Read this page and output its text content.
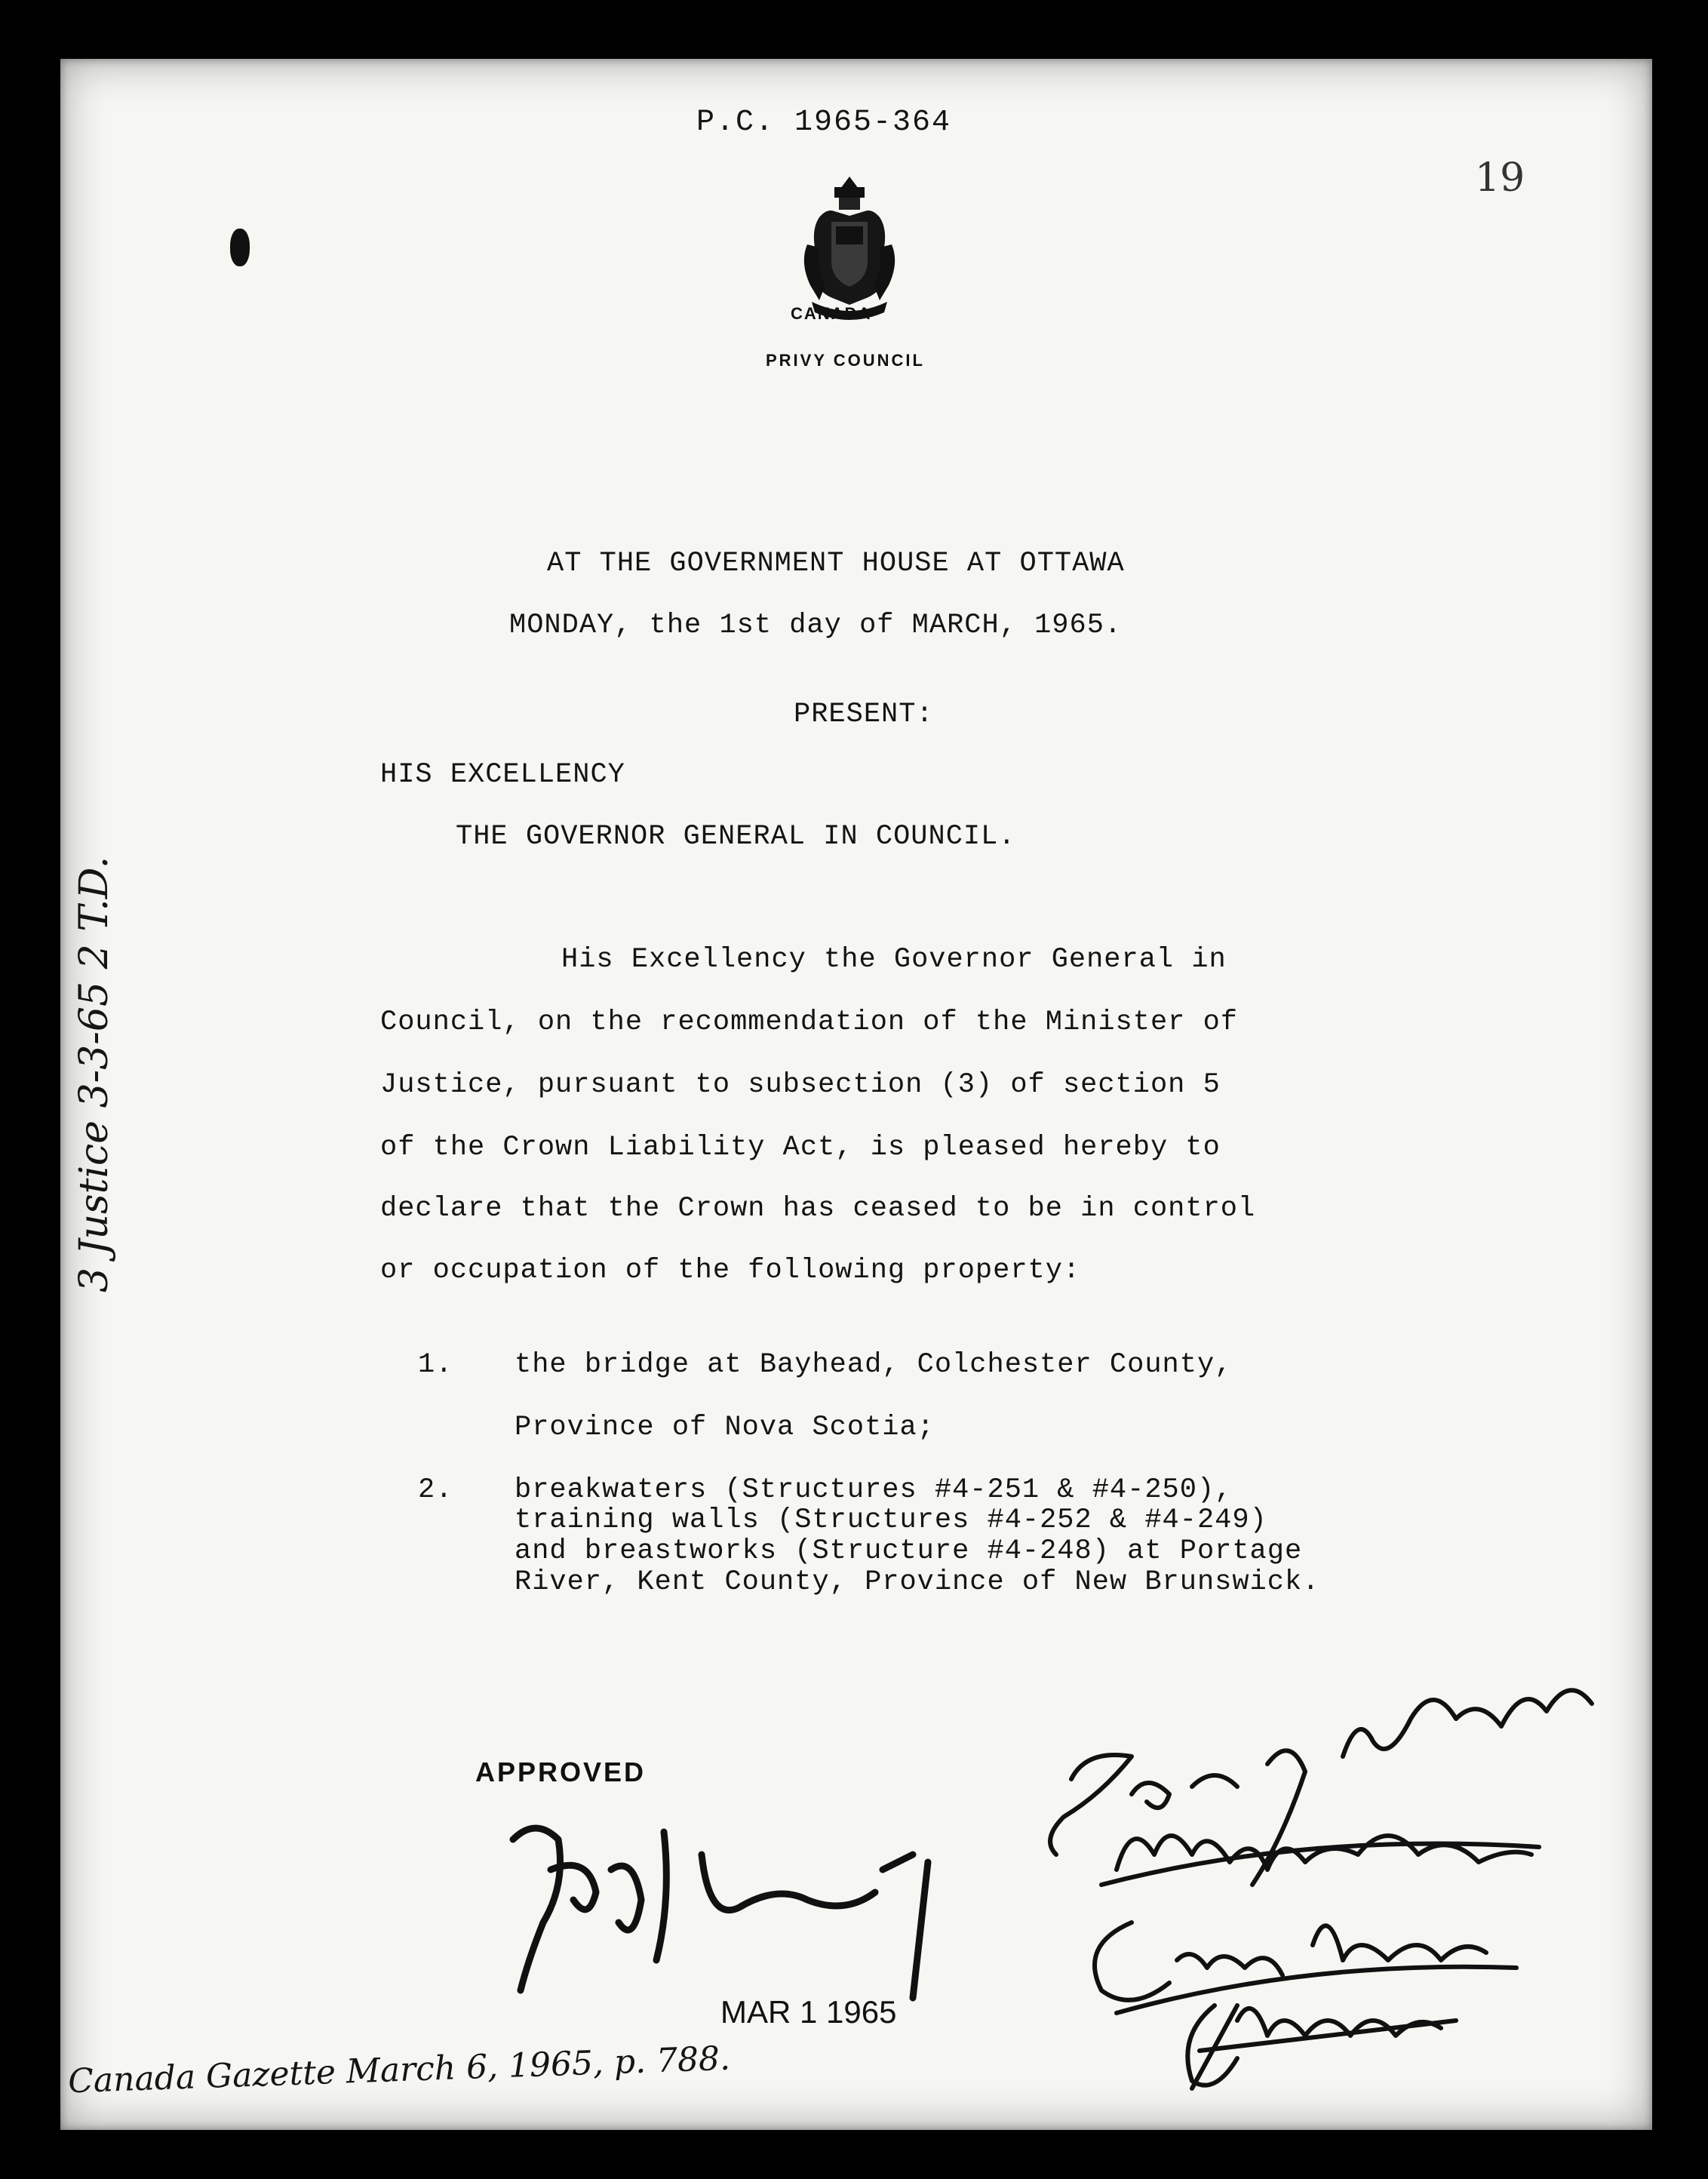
P.C. 1965-364
19
CANADA
PRIVY COUNCIL
AT THE GOVERNMENT HOUSE AT OTTAWA
MONDAY, the 1st day of MARCH, 1965.
PRESENT:
HIS EXCELLENCY
THE GOVERNOR GENERAL IN COUNCIL.
His Excellency the Governor General in
Council, on the recommendation of the Minister of
Justice, pursuant to subsection (3) of section 5
of the Crown Liability Act, is pleased hereby to
declare that the Crown has ceased to be in control
or occupation of the following property:
1. the bridge at Bayhead, Colchester County,
Province of Nova Scotia;
2. breakwaters (Structures #4-251 & #4-250),
training walls (Structures #4-252 & #4-249)
and breastworks (Structure #4-248) at Portage
River, Kent County, Province of New Brunswick.
APPROVED
MAR 1 1965
3 Justice 3-3-65 2 T.D.
Canada Gazette March 6, 1965, p. 788.
